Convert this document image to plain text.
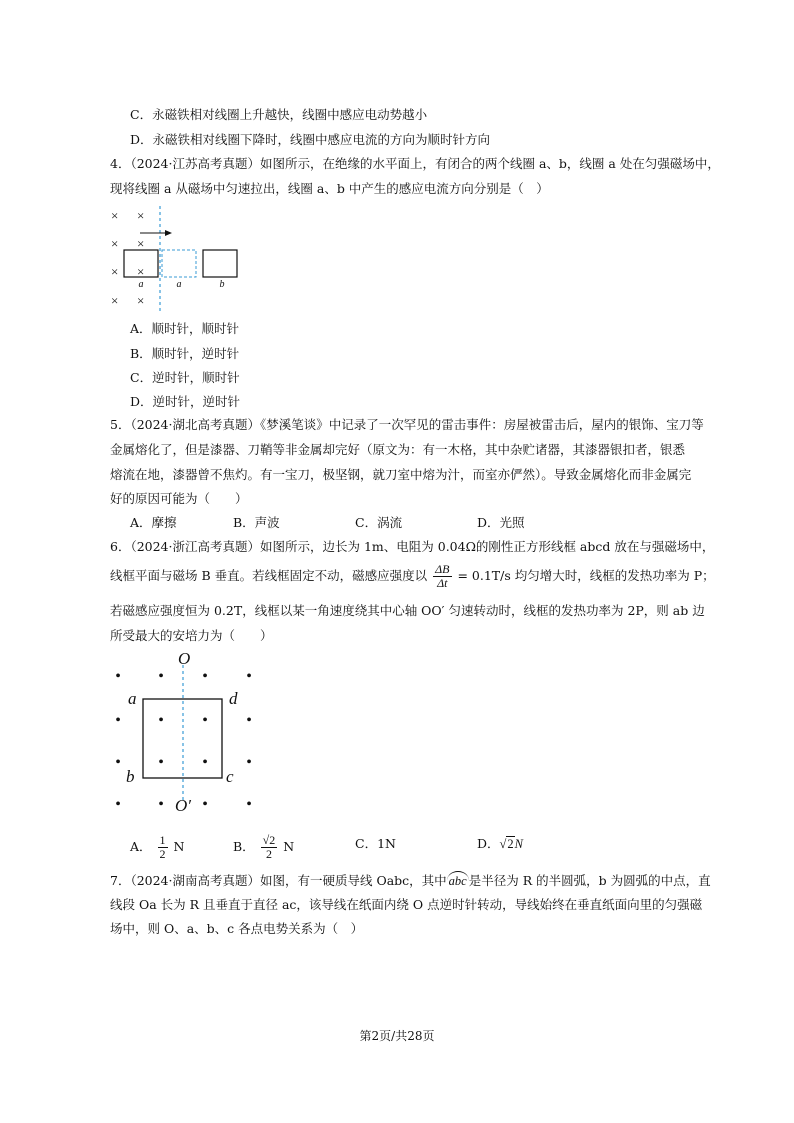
C．永磁铁相对线圈上升越快，线圈中感应电动势越小
D．永磁铁相对线圈下降时，线圈中感应电流的方向为顺时针方向
4．（2024·江苏高考真题）如图所示，在绝缘的水平面上，有闭合的两个线圈 a、b，线圈 a 处在匀强磁场中，
现将线圈 a 从磁场中匀速拉出，线圈 a、b 中产生的感应电流方向分别是（　）
× ×
× ×
× ×
× ×
a	a	b
A．顺时针，顺时针
B．顺时针，逆时针
C．逆时针，顺时针
D．逆时针，逆时针
5．（2024·湖北高考真题）《梦溪笔谈》中记录了一次罕见的雷击事件：房屋被雷击后，屋内的银饰、宝刀等
金属熔化了，但是漆器、刀鞘等非金属却完好（原文为：有一木格，其中杂贮诸器，其漆器银扣者，银悉
熔流在地，漆器曾不焦灼。有一宝刀，极坚钢，就刀室中熔为汁，而室亦俨然）。导致金属熔化而非金属完
好的原因可能为（　　）
A．摩擦	B．声波	C．涡流	D．光照
6．（2024·浙江高考真题）如图所示，边长为 1m、电阻为 0.04Ω的刚性正方形线框 abcd 放在与强磁场中，
线框平面与磁场 B 垂直。若线框固定不动，磁感应强度以 $\frac{\Delta B}{\Delta t} = 0.1T/s$ 均匀增大时，线框的发热功率为 P；
若磁感应强度恒为 0.2T，线框以某一角速度绕其中心轴 OO′ 匀速转动时，线框的发热功率为 2P，则 ab 边
所受最大的安培力为（　　）
• • • •
• • • •
• • • •
• • • •
O
O′
a	d
b	c
A． $\frac{1}{2}$ N	B． $\frac{√2}{2}$ N	C．1N	D．√2N
7．（2024·湖南高考真题）如图，有一硬质导线 Oabc，其中 abc 是半径为 R 的半圆弧，b 为圆弧的中点，直
线段 Oa 长为 R 且垂直于直径 ac，该导线在纸面内绕 O 点逆时针转动，导线始终在垂直纸面向里的匀强磁
场中，则 O、a、b、c 各点电势关系为（　）
第2页/共28页
